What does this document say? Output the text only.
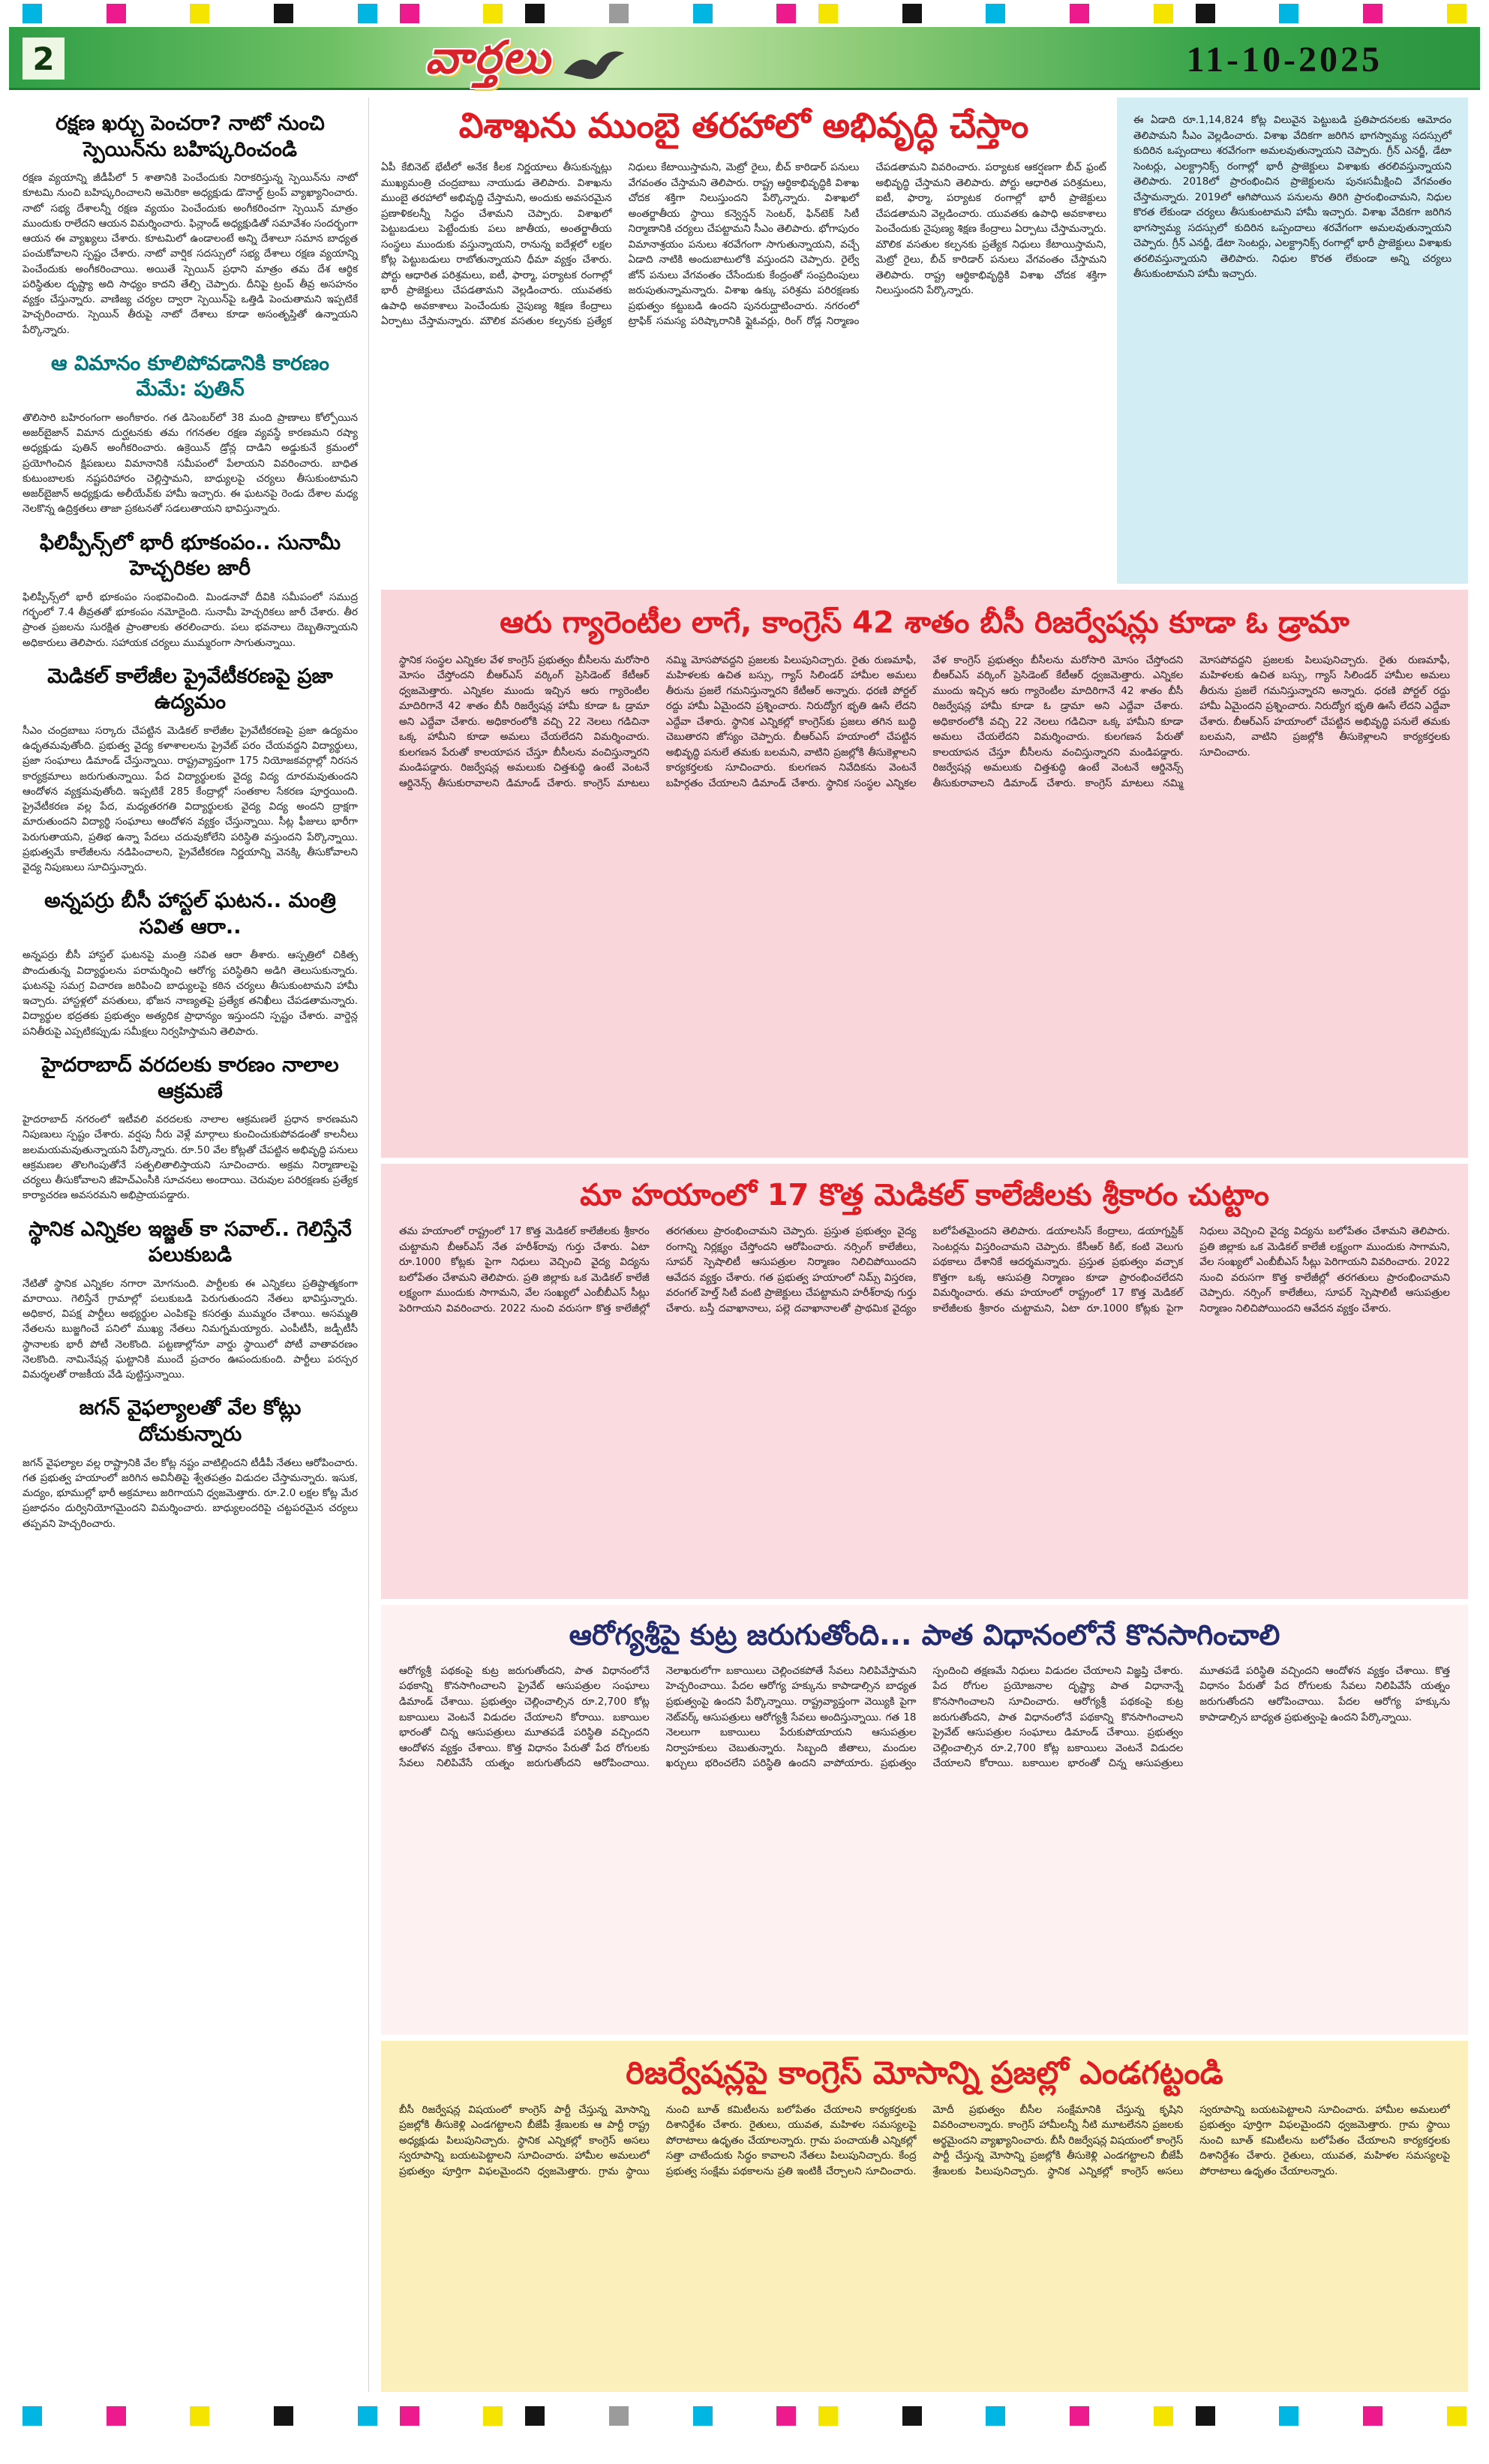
2	వార్తలు	11-10-2025
రక్షణ ఖర్చు పెంచరా? నాటో నుంచి స్పెయిన్‌ను బహిష్కరించండి

రక్షణ వ్యయాన్ని జీడీపీలో 5 శాతానికి పెంచేందుకు నిరాకరిస్తున్న స్పెయిన్‌ను నాటో కూటమి నుంచి బహిష్కరించాలని అమెరికా అధ్యక్షుడు డొనాల్డ్ ట్రంప్ వ్యాఖ్యానించారు. నాటో సభ్య దేశాలన్నీ రక్షణ వ్యయం పెంచేందుకు అంగీకరించగా స్పెయిన్ మాత్రం ముందుకు రాలేదని ఆయన విమర్శించారు. ఫిన్లాండ్ అధ్యక్షుడితో సమావేశం సందర్భంగా ఆయన ఈ వ్యాఖ్యలు చేశారు. కూటమిలో ఉండాలంటే అన్ని దేశాలూ సమాన బాధ్యత పంచుకోవాలని స్పష్టం చేశారు. నాటో వార్షిక సదస్సులో సభ్య దేశాలు రక్షణ వ్యయాన్ని పెంచేందుకు అంగీకరించాయి. అయితే స్పెయిన్ ప్రధాని మాత్రం తమ దేశ ఆర్థిక పరిస్థితుల దృష్ట్యా అది సాధ్యం కాదని తేల్చి చెప్పారు. దీనిపై ట్రంప్ తీవ్ర అసహనం వ్యక్తం చేస్తున్నారు. వాణిజ్య చర్యల ద్వారా స్పెయిన్‌పై ఒత్తిడి పెంచుతామని ఇప్పటికే హెచ్చరించారు. స్పెయిన్ తీరుపై నాటో దేశాలు కూడా అసంతృప్తితో ఉన్నాయని పేర్కొన్నారు.

ఆ విమానం కూలిపోవడానికి కారణం మేమే: పుతిన్

తొలిసారి బహిరంగంగా అంగీకారం. గత డిసెంబర్‌లో 38 మంది ప్రాణాలు కోల్పోయిన అజర్‌బైజాన్ విమాన దుర్ఘటనకు తమ గగనతల రక్షణ వ్యవస్థే కారణమని రష్యా అధ్యక్షుడు పుతిన్ అంగీకరించారు. ఉక్రెయిన్ డ్రోన్ల దాడిని అడ్డుకునే క్రమంలో ప్రయోగించిన క్షిపణులు విమానానికి సమీపంలో పేలాయని వివరించారు. బాధిత కుటుంబాలకు నష్టపరిహారం చెల్లిస్తామని, బాధ్యులపై చర్యలు తీసుకుంటామని అజర్‌బైజాన్ అధ్యక్షుడు అలీయేవ్‌కు హామీ ఇచ్చారు. ఈ ఘటనపై రెండు దేశాల మధ్య నెలకొన్న ఉద్రిక్తతలు తాజా ప్రకటనతో సడలుతాయని భావిస్తున్నారు.

ఫిలిప్పీన్స్‌లో భారీ భూకంపం.. సునామీ హెచ్చరికల జారీ

ఫిలిప్పీన్స్‌లో భారీ భూకంపం సంభవించింది. మిండనావో దీవికి సమీపంలో సముద్ర గర్భంలో 7.4 తీవ్రతతో భూకంపం నమోదైంది. సునామీ హెచ్చరికలు జారీ చేశారు. తీర ప్రాంత ప్రజలను సురక్షిత ప్రాంతాలకు తరలించారు. పలు భవనాలు దెబ్బతిన్నాయని అధికారులు తెలిపారు. సహాయక చర్యలు ముమ్మరంగా సాగుతున్నాయి.

మెడికల్ కాలేజీల ప్రైవేటీకరణపై ప్రజా ఉద్యమం

సీఎం చంద్రబాబు సర్కారు చేపట్టిన మెడికల్ కాలేజీల ప్రైవేటీకరణపై ప్రజా ఉద్యమం ఉధృతమవుతోంది. ప్రభుత్వ వైద్య కళాశాలలను ప్రైవేట్ పరం చేయవద్దని విద్యార్థులు, ప్రజా సంఘాలు డిమాండ్ చేస్తున్నాయి. రాష్ట్రవ్యాప్తంగా 175 నియోజకవర్గాల్లో నిరసన కార్యక్రమాలు జరుగుతున్నాయి. పేద విద్యార్థులకు వైద్య విద్య దూరమవుతుందని ఆందోళన వ్యక్తమవుతోంది. ఇప్పటికే 285 కేంద్రాల్లో సంతకాల సేకరణ పూర్తయింది. ప్రైవేటీకరణ వల్ల పేద, మధ్యతరగతి విద్యార్థులకు వైద్య విద్య అందని ద్రాక్షగా మారుతుందని విద్యార్థి సంఘాలు ఆందోళన వ్యక్తం చేస్తున్నాయి. సీట్ల ఫీజులు భారీగా పెరుగుతాయని, ప్రతిభ ఉన్నా పేదలు చదువుకోలేని పరిస్థితి వస్తుందని పేర్కొన్నాయి. ప్రభుత్వమే కాలేజీలను నడిపించాలని, ప్రైవేటీకరణ నిర్ణయాన్ని వెనక్కి తీసుకోవాలని వైద్య నిపుణులు సూచిస్తున్నారు.

అన్నపర్రు బీసీ హాస్టల్ ఘటన.. మంత్రి సవిత ఆరా..

అన్నపర్రు బీసీ హాస్టల్ ఘటనపై మంత్రి సవిత ఆరా తీశారు. ఆస్పత్రిలో చికిత్స పొందుతున్న విద్యార్థులను పరామర్శించి ఆరోగ్య పరిస్థితిని అడిగి తెలుసుకున్నారు. ఘటనపై సమగ్ర విచారణ జరిపించి బాధ్యులపై కఠిన చర్యలు తీసుకుంటామని హామీ ఇచ్చారు. హాస్టళ్లలో వసతులు, భోజన నాణ్యతపై ప్రత్యేక తనిఖీలు చేపడతామన్నారు. విద్యార్థుల భద్రతకు ప్రభుత్వం అత్యధిక ప్రాధాన్యం ఇస్తుందని స్పష్టం చేశారు. వార్డెన్ల పనితీరుపై ఎప్పటికప్పుడు సమీక్షలు నిర్వహిస్తామని తెలిపారు.

హైదరాబాద్ వరదలకు కారణం నాలాల ఆక్రమణే

హైదరాబాద్ నగరంలో ఇటీవలి వరదలకు నాలాల ఆక్రమణలే ప్రధాన కారణమని నిపుణులు స్పష్టం చేశారు. వర్షపు నీరు వెళ్లే మార్గాలు కుంచించుకుపోవడంతో కాలనీలు జలమయమవుతున్నాయని పేర్కొన్నారు. రూ.50 వేల కోట్లతో చేపట్టిన అభివృద్ధి పనులు ఆక్రమణల తొలగింపుతోనే సత్ఫలితాలిస్తాయని సూచించారు. అక్రమ నిర్మాణాలపై చర్యలు తీసుకోవాలని జీహెచ్ఎంసీకి సూచనలు అందాయి. చెరువుల పరిరక్షణకు ప్రత్యేక కార్యాచరణ అవసరమని అభిప్రాయపడ్డారు.

స్థానిక ఎన్నికల ఇజ్జత్ కా సవాల్.. గెలిస్తేనే పలుకుబడి

నేటితో స్థానిక ఎన్నికల నగారా మోగనుంది. పార్టీలకు ఈ ఎన్నికలు ప్రతిష్టాత్మకంగా మారాయి. గెలిస్తేనే గ్రామాల్లో పలుకుబడి పెరుగుతుందని నేతలు భావిస్తున్నారు. అధికార, విపక్ష పార్టీలు అభ్యర్థుల ఎంపికపై కసరత్తు ముమ్మరం చేశాయి. అసమ్మతి నేతలను బుజ్జగించే పనిలో ముఖ్య నేతలు నిమగ్నమయ్యారు. ఎంపీటీసీ, జడ్పీటీసీ స్థానాలకు భారీ పోటీ నెలకొంది. పట్టణాల్లోనూ వార్డు స్థాయిలో పోటీ వాతావరణం నెలకొంది. నామినేషన్ల ఘట్టానికి ముందే ప్రచారం ఊపందుకుంది. పార్టీలు పరస్పర విమర్శలతో రాజకీయ వేడి పుట్టిస్తున్నాయి.

జగన్ వైఫల్యాలతో వేల కోట్లు దోచుకున్నారు

జగన్ వైఫల్యాల వల్ల రాష్ట్రానికి వేల కోట్ల నష్టం వాటిల్లిందని టీడీపీ నేతలు ఆరోపించారు. గత ప్రభుత్వ హయాంలో జరిగిన అవినీతిపై శ్వేతపత్రం విడుదల చేస్తామన్నారు. ఇసుక, మద్యం, భూముల్లో భారీ అక్రమాలు జరిగాయని ధ్వజమెత్తారు. రూ.2.0 లక్షల కోట్ల మేర ప్రజాధనం దుర్వినియోగమైందని విమర్శించారు. బాధ్యులందరిపై చట్టపరమైన చర్యలు తప్పవని హెచ్చరించారు.

విశాఖను ముంబై తరహాలో అభివృద్ధి చేస్తాం
ఏపీ కేబినెట్ భేటీలో అనేక కీలక నిర్ణయాలు తీసుకున్నట్లు ముఖ్యమంత్రి చంద్రబాబు నాయుడు తెలిపారు. విశాఖను ముంబై తరహాలో అభివృద్ధి చేస్తామని, అందుకు అవసరమైన ప్రణాళికలన్నీ సిద్ధం చేశామని చెప్పారు. విశాఖలో పెట్టుబడులు పెట్టేందుకు పలు జాతీయ, అంతర్జాతీయ సంస్థలు ముందుకు వస్తున్నాయని, రానున్న ఐదేళ్లలో లక్షల కోట్ల పెట్టుబడులు రాబోతున్నాయని ధీమా వ్యక్తం చేశారు. పోర్టు ఆధారిత పరిశ్రమలు, ఐటీ, ఫార్మా, పర్యాటక రంగాల్లో భారీ ప్రాజెక్టులు చేపడతామని వెల్లడించారు. యువతకు ఉపాధి అవకాశాలు పెంచేందుకు నైపుణ్య శిక్షణ కేంద్రాలు ఏర్పాటు చేస్తామన్నారు. మౌలిక వసతుల కల్పనకు ప్రత్యేక నిధులు కేటాయిస్తామని, మెట్రో రైలు, బీచ్ కారిడార్ పనులు వేగవంతం చేస్తామని తెలిపారు. రాష్ట్ర ఆర్థికాభివృద్ధికి విశాఖ చోదక శక్తిగా నిలుస్తుందని పేర్కొన్నారు. విశాఖలో అంతర్జాతీయ స్థాయి కన్వెన్షన్ సెంటర్, ఫిన్‌టెక్ సిటీ నిర్మాణానికి చర్యలు చేపట్టామని సీఎం తెలిపారు. భోగాపురం విమానాశ్రయం పనులు శరవేగంగా సాగుతున్నాయని, వచ్చే ఏడాది నాటికి అందుబాటులోకి వస్తుందని చెప్పారు. రైల్వే జోన్ పనులు వేగవంతం చేసేందుకు కేంద్రంతో సంప్రదింపులు జరుపుతున్నామన్నారు. విశాఖ ఉక్కు పరిశ్రమ పరిరక్షణకు ప్రభుత్వం కట్టుబడి ఉందని పునరుద్ఘాటించారు. నగరంలో ట్రాఫిక్ సమస్య పరిష్కారానికి ఫ్లైఓవర్లు, రింగ్ రోడ్ల నిర్మాణం చేపడతామని వివరించారు. పర్యాటక ఆకర్షణగా బీచ్ ఫ్రంట్ అభివృద్ధి చేస్తామని తెలిపారు. పోర్టు ఆధారిత పరిశ్రమలు, ఐటీ, ఫార్మా, పర్యాటక రంగాల్లో భారీ ప్రాజెక్టులు చేపడతామని వెల్లడించారు. యువతకు ఉపాధి అవకాశాలు పెంచేందుకు నైపుణ్య శిక్షణ కేంద్రాలు ఏర్పాటు చేస్తామన్నారు. మౌలిక వసతుల కల్పనకు ప్రత్యేక నిధులు కేటాయిస్తామని, మెట్రో రైలు, బీచ్ కారిడార్ పనులు వేగవంతం చేస్తామని తెలిపారు. రాష్ట్ర ఆర్థికాభివృద్ధికి విశాఖ చోదక శక్తిగా నిలుస్తుందని పేర్కొన్నారు.
ఈ ఏడాది రూ.1,14,824 కోట్ల విలువైన పెట్టుబడి ప్రతిపాదనలకు ఆమోదం తెలిపామని సీఎం వెల్లడించారు. విశాఖ వేదికగా జరిగిన భాగస్వామ్య సదస్సులో కుదిరిన ఒప్పందాలు శరవేగంగా అమలవుతున్నాయని చెప్పారు. గ్రీన్ ఎనర్జీ, డేటా సెంటర్లు, ఎలక్ట్రానిక్స్ రంగాల్లో భారీ ప్రాజెక్టులు విశాఖకు తరలివస్తున్నాయని తెలిపారు. 2018లో ప్రారంభించిన ప్రాజెక్టులను పునఃసమీక్షించి వేగవంతం చేస్తామన్నారు. 2019లో ఆగిపోయిన పనులను తిరిగి ప్రారంభించామని, నిధుల కొరత లేకుండా చర్యలు తీసుకుంటామని హామీ ఇచ్చారు. విశాఖ వేదికగా జరిగిన భాగస్వామ్య సదస్సులో కుదిరిన ఒప్పందాలు శరవేగంగా అమలవుతున్నాయని చెప్పారు. గ్రీన్ ఎనర్జీ, డేటా సెంటర్లు, ఎలక్ట్రానిక్స్ రంగాల్లో భారీ ప్రాజెక్టులు విశాఖకు తరలివస్తున్నాయని తెలిపారు. నిధుల కొరత లేకుండా అన్ని చర్యలు తీసుకుంటామని హామీ ఇచ్చారు.
ఆరు గ్యారెంటీల లాగే, కాంగ్రెస్ 42 శాతం బీసీ రిజర్వేషన్లు కూడా ఓ డ్రామా
స్థానిక సంస్థల ఎన్నికల వేళ కాంగ్రెస్ ప్రభుత్వం బీసీలను మరోసారి మోసం చేస్తోందని బీఆర్ఎస్ వర్కింగ్ ప్రెసిడెంట్ కేటీఆర్ ధ్వజమెత్తారు. ఎన్నికల ముందు ఇచ్చిన ఆరు గ్యారెంటీల మాదిరిగానే 42 శాతం బీసీ రిజర్వేషన్ల హామీ కూడా ఓ డ్రామా అని ఎద్దేవా చేశారు. అధికారంలోకి వచ్చి 22 నెలలు గడిచినా ఒక్క హామీని కూడా అమలు చేయలేదని విమర్శించారు. కులగణన పేరుతో కాలయాపన చేస్తూ బీసీలను వంచిస్తున్నారని మండిపడ్డారు. రిజర్వేషన్ల అమలుకు చిత్తశుద్ధి ఉంటే వెంటనే ఆర్డినెన్స్ తీసుకురావాలని డిమాండ్ చేశారు. కాంగ్రెస్ మాటలు నమ్మి మోసపోవద్దని ప్రజలకు పిలుపునిచ్చారు. రైతు రుణమాఫీ, మహిళలకు ఉచిత బస్సు, గ్యాస్ సిలిండర్ హామీల అమలు తీరును ప్రజలే గమనిస్తున్నారని కేటీఆర్ అన్నారు. ధరణి పోర్టల్ రద్దు హామీ ఏమైందని ప్రశ్నించారు. నిరుద్యోగ భృతి ఊసే లేదని ఎద్దేవా చేశారు. స్థానిక ఎన్నికల్లో కాంగ్రెస్‌కు ప్రజలు తగిన బుద్ధి చెబుతారని జోస్యం చెప్పారు. బీఆర్ఎస్ హయాంలో చేపట్టిన అభివృద్ధి పనులే తమకు బలమని, వాటిని ప్రజల్లోకి తీసుకెళ్లాలని కార్యకర్తలకు సూచించారు. కులగణన నివేదికను వెంటనే బహిర్గతం చేయాలని డిమాండ్ చేశారు. స్థానిక సంస్థల ఎన్నికల వేళ కాంగ్రెస్ ప్రభుత్వం బీసీలను మరోసారి మోసం చేస్తోందని బీఆర్ఎస్ వర్కింగ్ ప్రెసిడెంట్ కేటీఆర్ ధ్వజమెత్తారు. ఎన్నికల ముందు ఇచ్చిన ఆరు గ్యారెంటీల మాదిరిగానే 42 శాతం బీసీ రిజర్వేషన్ల హామీ కూడా ఓ డ్రామా అని ఎద్దేవా చేశారు. అధికారంలోకి వచ్చి 22 నెలలు గడిచినా ఒక్క హామీని కూడా అమలు చేయలేదని విమర్శించారు. కులగణన పేరుతో కాలయాపన చేస్తూ బీసీలను వంచిస్తున్నారని మండిపడ్డారు. రిజర్వేషన్ల అమలుకు చిత్తశుద్ధి ఉంటే వెంటనే ఆర్డినెన్స్ తీసుకురావాలని డిమాండ్ చేశారు. కాంగ్రెస్ మాటలు నమ్మి మోసపోవద్దని ప్రజలకు పిలుపునిచ్చారు. రైతు రుణమాఫీ, మహిళలకు ఉచిత బస్సు, గ్యాస్ సిలిండర్ హామీల అమలు తీరును ప్రజలే గమనిస్తున్నారని అన్నారు. ధరణి పోర్టల్ రద్దు హామీ ఏమైందని ప్రశ్నించారు. నిరుద్యోగ భృతి ఊసే లేదని ఎద్దేవా చేశారు. బీఆర్ఎస్ హయాంలో చేపట్టిన అభివృద్ధి పనులే తమకు బలమని, వాటిని ప్రజల్లోకి తీసుకెళ్లాలని కార్యకర్తలకు సూచించారు.
మా హయాంలో 17 కొత్త మెడికల్ కాలేజీలకు శ్రీకారం చుట్టాం
తమ హయాంలో రాష్ట్రంలో 17 కొత్త మెడికల్ కాలేజీలకు శ్రీకారం చుట్టామని బీఆర్ఎస్ నేత హరీశ్‌రావు గుర్తు చేశారు. ఏటా రూ.1000 కోట్లకు పైగా నిధులు వెచ్చించి వైద్య విద్యను బలోపేతం చేశామని తెలిపారు. ప్రతి జిల్లాకు ఒక మెడికల్ కాలేజీ లక్ష్యంగా ముందుకు సాగామని, వేల సంఖ్యలో ఎంబీబీఎస్ సీట్లు పెరిగాయని వివరించారు. 2022 నుంచి వరుసగా కొత్త కాలేజీల్లో తరగతులు ప్రారంభించామని చెప్పారు. ప్రస్తుత ప్రభుత్వం వైద్య రంగాన్ని నిర్లక్ష్యం చేస్తోందని ఆరోపించారు. నర్సింగ్ కాలేజీలు, సూపర్ స్పెషాలిటీ ఆసుపత్రుల నిర్మాణం నిలిచిపోయిందని ఆవేదన వ్యక్తం చేశారు. గత ప్రభుత్వ హయాంలో నిమ్స్ విస్తరణ, వరంగల్ హెల్త్ సిటీ వంటి ప్రాజెక్టులు చేపట్టామని హరీశ్‌రావు గుర్తు చేశారు. బస్తీ దవాఖానాలు, పల్లె దవాఖానాలతో ప్రాథమిక వైద్యం బలోపేతమైందని తెలిపారు. డయాలసిస్ కేంద్రాలు, డయాగ్నస్టిక్ సెంటర్లను విస్తరించామని చెప్పారు. కేసీఆర్ కిట్, కంటి వెలుగు పథకాలు దేశానికే ఆదర్శమన్నారు. ప్రస్తుత ప్రభుత్వం వచ్చాక కొత్తగా ఒక్క ఆసుపత్రి నిర్మాణం కూడా ప్రారంభించలేదని విమర్శించారు. తమ హయాంలో రాష్ట్రంలో 17 కొత్త మెడికల్ కాలేజీలకు శ్రీకారం చుట్టామని, ఏటా రూ.1000 కోట్లకు పైగా నిధులు వెచ్చించి వైద్య విద్యను బలోపేతం చేశామని తెలిపారు. ప్రతి జిల్లాకు ఒక మెడికల్ కాలేజీ లక్ష్యంగా ముందుకు సాగామని, వేల సంఖ్యలో ఎంబీబీఎస్ సీట్లు పెరిగాయని వివరించారు. 2022 నుంచి వరుసగా కొత్త కాలేజీల్లో తరగతులు ప్రారంభించామని చెప్పారు. నర్సింగ్ కాలేజీలు, సూపర్ స్పెషాలిటీ ఆసుపత్రుల నిర్మాణం నిలిచిపోయిందని ఆవేదన వ్యక్తం చేశారు.
ఆరోగ్యశ్రీపై కుట్ర జరుగుతోంది... పాత విధానంలోనే కొనసాగించాలి
ఆరోగ్యశ్రీ పథకంపై కుట్ర జరుగుతోందని, పాత విధానంలోనే పథకాన్ని కొనసాగించాలని ప్రైవేట్ ఆసుపత్రుల సంఘాలు డిమాండ్ చేశాయి. ప్రభుత్వం చెల్లించాల్సిన రూ.2,700 కోట్ల బకాయిలు వెంటనే విడుదల చేయాలని కోరాయి. బకాయిల భారంతో చిన్న ఆసుపత్రులు మూతపడే పరిస్థితి వచ్చిందని ఆందోళన వ్యక్తం చేశాయి. కొత్త విధానం పేరుతో పేద రోగులకు సేవలు నిలిపివేసే యత్నం జరుగుతోందని ఆరోపించాయి. నెలాఖరులోగా బకాయిలు చెల్లించకపోతే సేవలు నిలిపివేస్తామని హెచ్చరించాయి. పేదల ఆరోగ్య హక్కును కాపాడాల్సిన బాధ్యత ప్రభుత్వంపై ఉందని పేర్కొన్నాయి. రాష్ట్రవ్యాప్తంగా వెయ్యికి పైగా నెట్‌వర్క్ ఆసుపత్రులు ఆరోగ్యశ్రీ సేవలు అందిస్తున్నాయి. గత 18 నెలలుగా బకాయిలు పేరుకుపోయాయని ఆసుపత్రుల నిర్వాహకులు చెబుతున్నారు. సిబ్బంది జీతాలు, మందుల ఖర్చులు భరించలేని పరిస్థితి ఉందని వాపోయారు. ప్రభుత్వం స్పందించి తక్షణమే నిధులు విడుదల చేయాలని విజ్ఞప్తి చేశారు. పేద రోగుల ప్రయోజనాల దృష్ట్యా పాత విధానాన్నే కొనసాగించాలని సూచించారు. ఆరోగ్యశ్రీ పథకంపై కుట్ర జరుగుతోందని, పాత విధానంలోనే పథకాన్ని కొనసాగించాలని ప్రైవేట్ ఆసుపత్రుల సంఘాలు డిమాండ్ చేశాయి. ప్రభుత్వం చెల్లించాల్సిన రూ.2,700 కోట్ల బకాయిలు వెంటనే విడుదల చేయాలని కోరాయి. బకాయిల భారంతో చిన్న ఆసుపత్రులు మూతపడే పరిస్థితి వచ్చిందని ఆందోళన వ్యక్తం చేశాయి. కొత్త విధానం పేరుతో పేద రోగులకు సేవలు నిలిపివేసే యత్నం జరుగుతోందని ఆరోపించాయి. పేదల ఆరోగ్య హక్కును కాపాడాల్సిన బాధ్యత ప్రభుత్వంపై ఉందని పేర్కొన్నాయి.
రిజర్వేషన్లపై కాంగ్రెస్ మోసాన్ని ప్రజల్లో ఎండగట్టండి
బీసీ రిజర్వేషన్ల విషయంలో కాంగ్రెస్ పార్టీ చేస్తున్న మోసాన్ని ప్రజల్లోకి తీసుకెళ్లి ఎండగట్టాలని బీజేపీ శ్రేణులకు ఆ పార్టీ రాష్ట్ర అధ్యక్షుడు పిలుపునిచ్చారు. స్థానిక ఎన్నికల్లో కాంగ్రెస్ అసలు స్వరూపాన్ని బయటపెట్టాలని సూచించారు. హామీల అమలులో ప్రభుత్వం పూర్తిగా విఫలమైందని ధ్వజమెత్తారు. గ్రామ స్థాయి నుంచి బూత్ కమిటీలను బలోపేతం చేయాలని కార్యకర్తలకు దిశానిర్దేశం చేశారు. రైతులు, యువత, మహిళల సమస్యలపై పోరాటాలు ఉధృతం చేయాలన్నారు. గ్రామ పంచాయతీ ఎన్నికల్లో సత్తా చాటేందుకు సిద్ధం కావాలని నేతలు పిలుపునిచ్చారు. కేంద్ర ప్రభుత్వ సంక్షేమ పథకాలను ప్రతి ఇంటికీ చేర్చాలని సూచించారు. మోదీ ప్రభుత్వం బీసీల సంక్షేమానికి చేస్తున్న కృషిని వివరించాలన్నారు. కాంగ్రెస్ హామీలన్నీ నీటి మూటలేనని ప్రజలకు అర్థమైందని వ్యాఖ్యానించారు. బీసీ రిజర్వేషన్ల విషయంలో కాంగ్రెస్ పార్టీ చేస్తున్న మోసాన్ని ప్రజల్లోకి తీసుకెళ్లి ఎండగట్టాలని బీజేపీ శ్రేణులకు పిలుపునిచ్చారు. స్థానిక ఎన్నికల్లో కాంగ్రెస్ అసలు స్వరూపాన్ని బయటపెట్టాలని సూచించారు. హామీల అమలులో ప్రభుత్వం పూర్తిగా విఫలమైందని ధ్వజమెత్తారు. గ్రామ స్థాయి నుంచి బూత్ కమిటీలను బలోపేతం చేయాలని కార్యకర్తలకు దిశానిర్దేశం చేశారు. రైతులు, యువత, మహిళల సమస్యలపై పోరాటాలు ఉధృతం చేయాలన్నారు.
